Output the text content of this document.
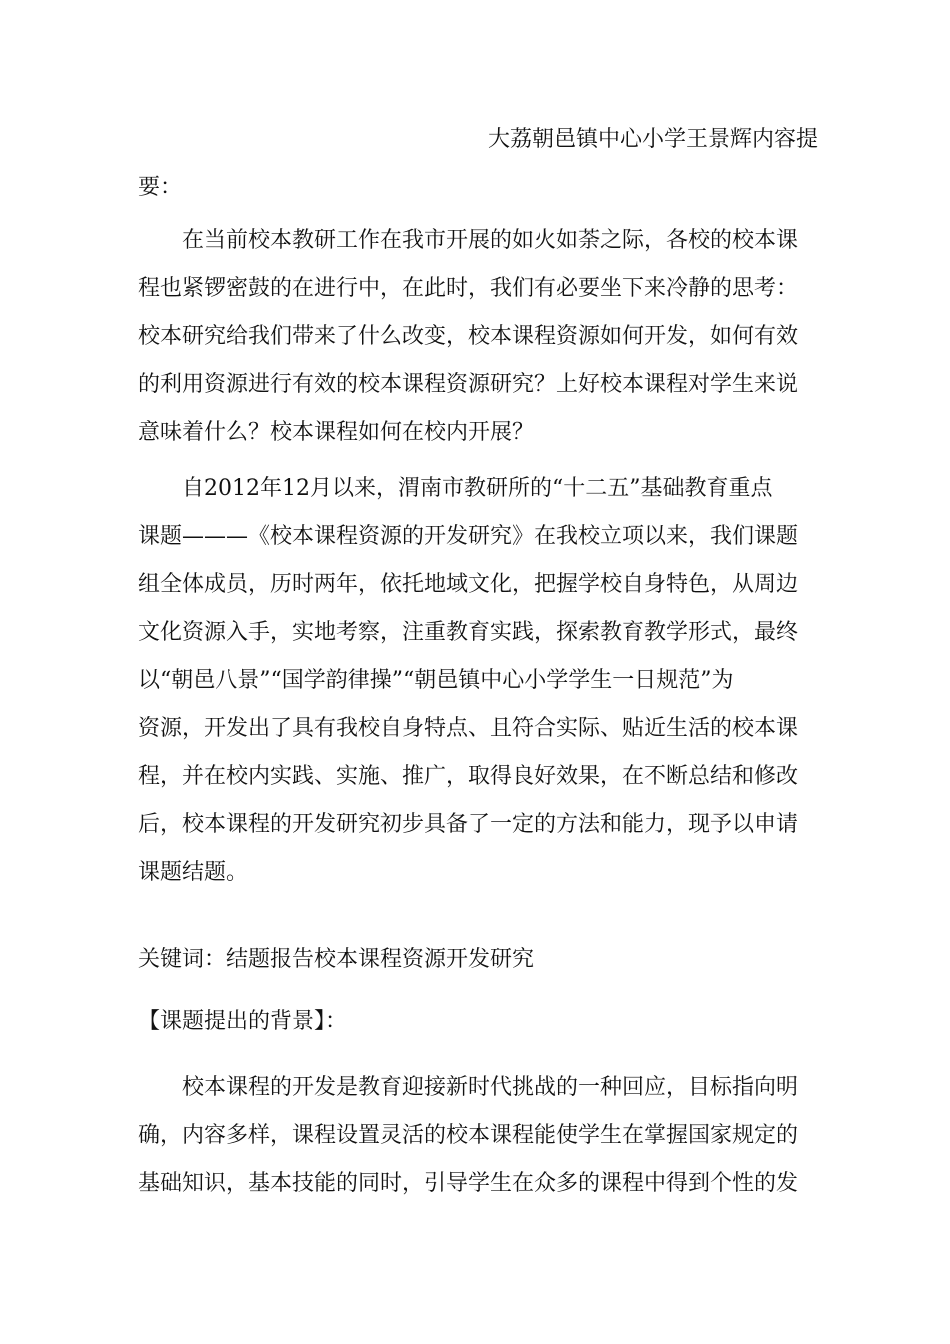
大荔朝邑镇中心小学王景辉内容提
要：
在当前校本教研工作在我市开展的如火如荼之际，各校的校本课
程也紧锣密鼓的在进行中，在此时，我们有必要坐下来冷静的思考：
校本研究给我们带来了什么改变，校本课程资源如何开发，如何有效
的利用资源进行有效的校本课程资源研究？上好校本课程对学生来说
意味着什么？校本课程如何在校内开展？
自2012年12月以来，渭南市教研所的“十二五”基础教育重点
课题———《校本课程资源的开发研究》在我校立项以来，我们课题
组全体成员，历时两年，依托地域文化，把握学校自身特色，从周边
文化资源入手，实地考察，注重教育实践，探索教育教学形式，最终
以“朝邑八景”“国学韵律操”“朝邑镇中心小学学生一日规范”为
资源，开发出了具有我校自身特点、且符合实际、贴近生活的校本课
程，并在校内实践、实施、推广，取得良好效果，在不断总结和修改
后，校本课程的开发研究初步具备了一定的方法和能力，现予以申请
课题结题。
关键词：结题报告校本课程资源开发研究
【课题提出的背景】：
校本课程的开发是教育迎接新时代挑战的一种回应，目标指向明
确，内容多样，课程设置灵活的校本课程能使学生在掌握国家规定的
基础知识，基本技能的同时，引导学生在众多的课程中得到个性的发
